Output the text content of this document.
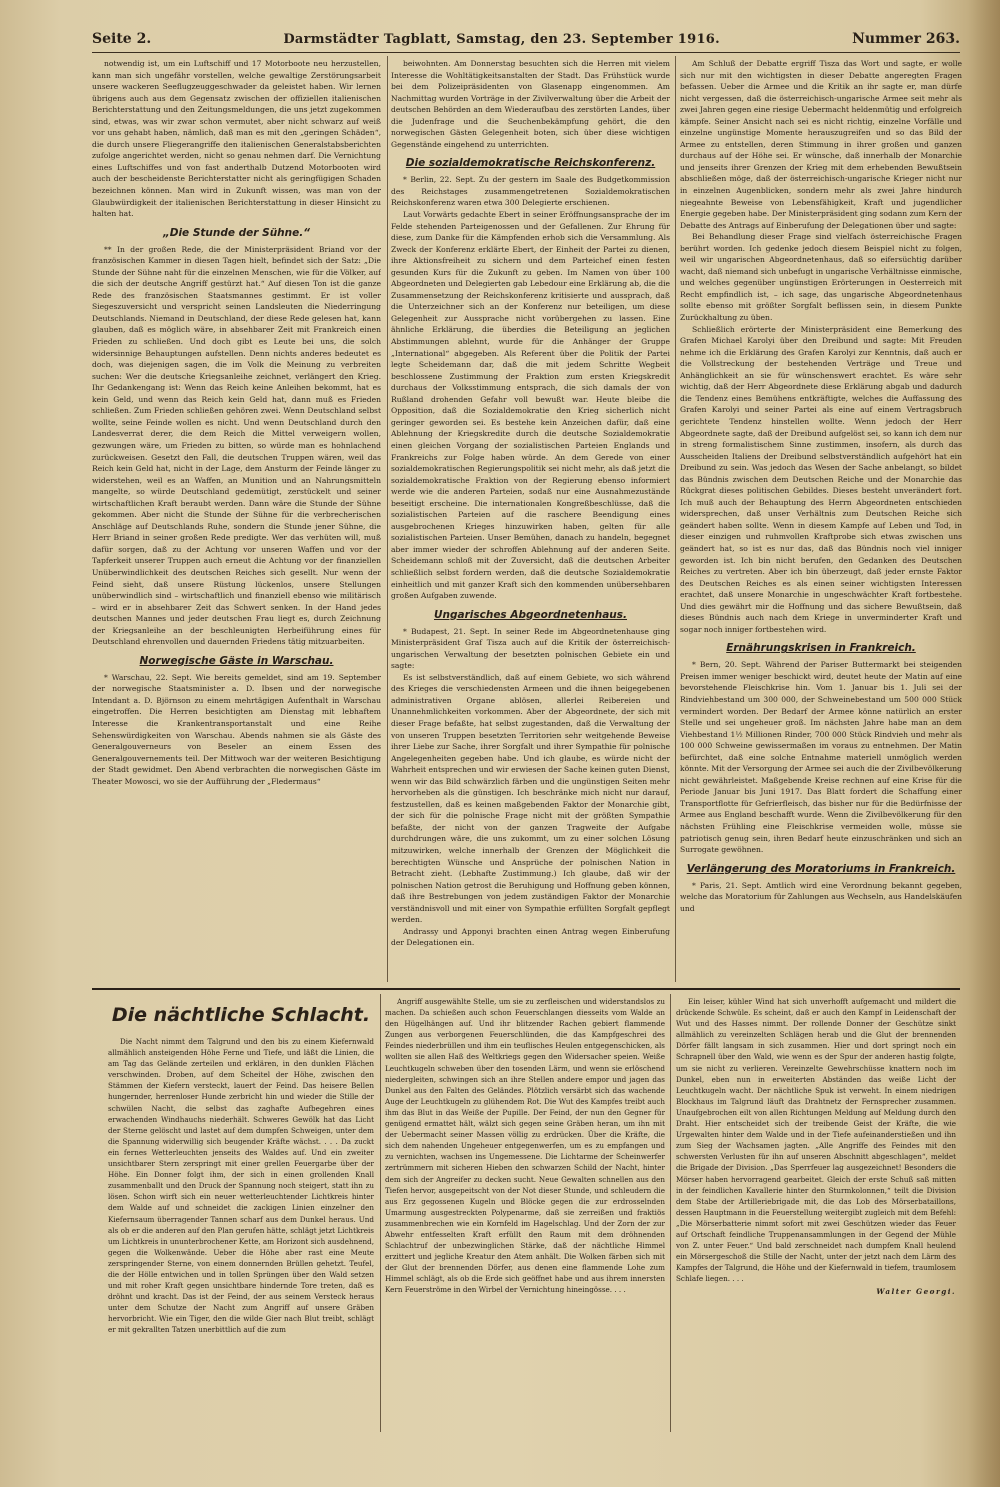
Seite 2.	Darmstädter Tagblatt, Samstag, den 23. September 1916.	Nummer 263.

notwendig ist, um ein Luftschiff und 17 Motorboote neu herzustellen, kann man sich ungefähr vorstellen, welche gewaltige Zerstörungsarbeit unsere wackeren Seeflugzeuggeschwader da geleistet haben. Wir lernen übrigens auch aus dem Gegensatz zwischen der offiziellen italienischen Berichterstattung und den Zeitungsmeldungen, die uns jetzt zugekommen sind, etwas, was wir zwar schon vermutet, aber nicht schwarz auf weiß vor uns gehabt haben, nämlich, daß man es mit den „geringen Schäden“, die durch unsere Fliegerangriffe den italienischen Generalstabsberichten zufolge angerichtet werden, nicht so genau nehmen darf. Die Vernichtung eines Luftschiffes und von fast anderthalb Dutzend Motorbooten wird auch der bescheidenste Berichterstatter nicht als geringfügigen Schaden bezeichnen können. Man wird in Zukunft wissen, was man von der Glaubwürdigkeit der italienischen Berichterstattung in dieser Hinsicht zu halten hat.

„Die Stunde der Sühne.“

** In der großen Rede, die der Ministerpräsident Briand vor der französischen Kammer in diesen Tagen hielt, befindet sich der Satz: „Die Stunde der Sühne naht für die einzelnen Menschen, wie für die Völker, auf die sich der deutsche Angriff gestürzt hat.“ Auf diesen Ton ist die ganze Rede des französischen Staatsmannes gestimmt. Er ist voller Siegeszuversicht und verspricht seinen Landsleuten die Niederringung Deutschlands. Niemand in Deutschland, der diese Rede gelesen hat, kann glauben, daß es möglich wäre, in absehbarer Zeit mit Frankreich einen Frieden zu schließen. Und doch gibt es Leute bei uns, die solch widersinnige Behauptungen aufstellen. Denn nichts anderes bedeutet es doch, was diejenigen sagen, die im Volk die Meinung zu verbreiten suchen: Wer die deutsche Kriegsanleihe zeichnet, verlängert den Krieg. Ihr Gedankengang ist: Wenn das Reich keine Anleihen bekommt, hat es kein Geld, und wenn das Reich kein Geld hat, dann muß es Frieden schließen. Zum Frieden schließen gehören zwei. Wenn Deutschland selbst wollte, seine Feinde wollen es nicht. Und wenn Deutschland durch den Landesverrat derer, die dem Reich die Mittel verweigern wollen, gezwungen wäre, um Frieden zu bitten, so würde man es hohnlachend zurückweisen. Gesetzt den Fall, die deutschen Truppen wären, weil das Reich kein Geld hat, nicht in der Lage, dem Ansturm der Feinde länger zu widerstehen, weil es an Waffen, an Munition und an Nahrungsmitteln mangelte, so würde Deutschland gedemütigt, zerstückelt und seiner wirtschaftlichen Kraft beraubt werden. Dann wäre die Stunde der Sühne gekommen. Aber nicht die Stunde der Sühne für die verbrecherischen Anschläge auf Deutschlands Ruhe, sondern die Stunde jener Sühne, die Herr Briand in seiner großen Rede predigte. Wer das verhüten will, muß dafür sorgen, daß zu der Achtung vor unseren Waffen und vor der Tapferkeit unserer Truppen auch erneut die Achtung vor der finanziellen Unüberwindlichkeit des deutschen Reiches sich gesellt. Nur wenn der Feind sieht, daß unsere Rüstung lückenlos, unsere Stellungen unüberwindlich sind – wirtschaftlich und finanziell ebenso wie militärisch – wird er in absehbarer Zeit das Schwert senken. In der Hand jedes deutschen Mannes und jeder deutschen Frau liegt es, durch Zeichnung der Kriegsanleihe an der beschleunigten Herbeiführung eines für Deutschland ehrenvollen und dauernden Friedens tätig mitzuarbeiten.

Norwegische Gäste in Warschau.

* Warschau, 22. Sept. Wie bereits gemeldet, sind am 19. September der norwegische Staatsminister a. D. Ibsen und der norwegische Intendant a. D. Björnson zu einem mehrtägigen Aufenthalt in Warschau eingetroffen. Die Herren besichtigten am Dienstag mit lebhaftem Interesse die Krankentransportanstalt und eine Reihe Sehenswürdigkeiten von Warschau. Abends nahmen sie als Gäste des Generalgouverneurs von Beseler an einem Essen des Generalgouvernements teil. Der Mittwoch war der weiteren Besichtigung der Stadt gewidmet. Den Abend verbrachten die norwegischen Gäste im Theater Mowosci, wo sie der Aufführung der „Fledermaus“

beiwohnten. Am Donnerstag besuchten sich die Herren mit vielem Interesse die Wohltätigkeitsanstalten der Stadt. Das Frühstück wurde bei dem Polizeipräsidenten von Glasenapp eingenommen. Am Nachmittag wurden Vorträge in der Zivilverwaltung über die Arbeit der deutschen Behörden an dem Wiederaufbau des zerstörten Landes, über die Judenfrage und die Seuchenbekämpfung gehört, die den norwegischen Gästen Gelegenheit boten, sich über diese wichtigen Gegenstände eingehend zu unterrichten.

Die sozialdemokratische Reichskonferenz.

* Berlin, 22. Sept. Zu der gestern im Saale des Budgetkommission des Reichstages zusammengetretenen Sozialdemokratischen Reichskonferenz waren etwa 300 Delegierte erschienen.

Laut Vorwärts gedachte Ebert in seiner Eröffnungsansprache der im Felde stehenden Parteigenossen und der Gefallenen. Zur Ehrung für diese, zum Danke für die Kämpfenden erhob sich die Versammlung. Als Zweck der Konferenz erklärte Ebert, der Einheit der Partei zu dienen, ihre Aktionsfreiheit zu sichern und dem Parteichef einen festen gesunden Kurs für die Zukunft zu geben. Im Namen von über 100 Abgeordneten und Delegierten gab Lebedour eine Erklärung ab, die die Zusammensetzung der Reichskonferenz kritisierte und aussprach, daß die Unterzeichner sich an der Konferenz nur beteiligen, um diese Gelegenheit zur Aussprache nicht vorübergehen zu lassen. Eine ähnliche Erklärung, die überdies die Beteiligung an jeglichen Abstimmungen ablehnt, wurde für die Anhänger der Gruppe „International“ abgegeben. Als Referent über die Politik der Partei legte Scheidemann dar, daß die mit jedem Schritte Wegbeit beschlossene Zustimmung der Fraktion zum ersten Kriegskredit durchaus der Volksstimmung entsprach, die sich damals der von Rußland drohenden Gefahr voll bewußt war. Heute bleibe die Opposition, daß die Sozialdemokratie den Krieg sicherlich nicht geringer geworden sei. Es bestehe kein Anzeichen dafür, daß eine Ablehnung der Kriegskredite durch die deutsche Sozialdemokratie einen gleichen Vorgang der sozialistischen Parteien Englands und Frankreichs zur Folge haben würde. An dem Gerede von einer sozialdemokratischen Regierungspolitik sei nicht mehr, als daß jetzt die sozialdemokratische Fraktion von der Regierung ebenso informiert werde wie die anderen Parteien, sodaß nur eine Ausnahmezustände beseitigt erscheine. Die internationalen Kongreßbeschlüsse, daß die sozialistischen Parteien auf die raschere Beendigung eines ausgebrochenen Krieges hinzuwirken haben, gelten für alle sozialistischen Parteien. Unser Bemühen, danach zu handeln, begegnet aber immer wieder der schroffen Ablehnung auf der anderen Seite. Scheidemann schloß mit der Zuversicht, daß die deutschen Arbeiter schließlich selbst fordern werden, daß die deutsche Sozialdemokratie einheitlich und mit ganzer Kraft sich den kommenden unübersehbaren großen Aufgaben zuwende.

Ungarisches Abgeordnetenhaus.

* Budapest, 21. Sept. In seiner Rede im Abgeordnetenhause ging Ministerpräsident Graf Tisza auch auf die Kritik der österreichisch-ungarischen Verwaltung der besetzten polnischen Gebiete ein und sagte:

Es ist selbstverständlich, daß auf einem Gebiete, wo sich während des Krieges die verschiedensten Armeen und die ihnen beigegebenen administrativen Organe ablösen, allerlei Reibereien und Unannehmlichkeiten vorkommen. Aber der Abgeordnete, der sich mit dieser Frage befaßte, hat selbst zugestanden, daß die Verwaltung der von unseren Truppen besetzten Territorien sehr weitgehende Beweise ihrer Liebe zur Sache, ihrer Sorgfalt und ihrer Sympathie für polnische Angelegenheiten gegeben habe. Und ich glaube, es würde nicht der Wahrheit entsprechen und wir erwiesen der Sache keinen guten Dienst, wenn wir das Bild schwärzlich färben und die ungünstigen Seiten mehr hervorheben als die günstigen. Ich beschränke mich nicht nur darauf, festzustellen, daß es keinen maßgebenden Faktor der Monarchie gibt, der sich für die polnische Frage nicht mit der größten Sympathie befaßte, der nicht von der ganzen Tragweite der Aufgabe durchdrungen wäre, die uns zukommt, um zu einer solchen Lösung mitzuwirken, welche innerhalb der Grenzen der Möglichkeit die berechtigten Wünsche und Ansprüche der polnischen Nation in Betracht zieht. (Lebhafte Zustimmung.) Ich glaube, daß wir der polnischen Nation getrost die Beruhigung und Hoffnung geben können, daß ihre Bestrebungen von jedem zuständigen Faktor der Monarchie verständnisvoll und mit einer von Sympathie erfüllten Sorgfalt gepflegt werden.

Andrassy und Apponyi brachten einen Antrag wegen Einberufung der Delegationen ein.

Am Schluß der Debatte ergriff Tisza das Wort und sagte, er wolle sich nur mit den wichtigsten in dieser Debatte angeregten Fragen befassen. Ueber die Armee und die Kritik an ihr sagte er, man dürfe nicht vergessen, daß die österreichisch-ungarische Armee seit mehr als zwei Jahren gegen eine riesige Uebermacht heldenmütig und erfolgreich kämpfe. Seiner Ansicht nach sei es nicht richtig, einzelne Vorfälle und einzelne ungünstige Momente herauszugreifen und so das Bild der Armee zu entstellen, deren Stimmung in ihrer großen und ganzen durchaus auf der Höhe sei. Er wünsche, daß innerhalb der Monarchie und jenseits ihrer Grenzen der Krieg mit dem erhebenden Bewußtsein abschließen möge, daß der österreichisch-ungarische Krieger nicht nur in einzelnen Augenblicken, sondern mehr als zwei Jahre hindurch niegeahnte Beweise von Lebensfähigkeit, Kraft und jugendlicher Energie gegeben habe. Der Ministerpräsident ging sodann zum Kern der Debatte des Antrags auf Einberufung der Delegationen über und sagte:

Bei Behandlung dieser Frage sind vielfach österreichische Fragen berührt worden. Ich gedenke jedoch diesem Beispiel nicht zu folgen, weil wir ungarischen Abgeordnetenhaus, daß so eifersüchtig darüber wacht, daß niemand sich unbefugt in ungarische Verhältnisse einmische, und welches gegenüber ungünstigen Erörterungen in Oesterreich mit Recht empfindlich ist, – ich sage, das ungarische Abgeordnetenhaus sollte ebenso mit größter Sorgfalt beflissen sein, in diesem Punkte Zurückhaltung zu üben.

Schließlich erörterte der Ministerpräsident eine Bemerkung des Grafen Michael Karolyi über den Dreibund und sagte: Mit Freuden nehme ich die Erklärung des Grafen Karolyi zur Kenntnis, daß auch er die Vollstreckung der bestehenden Verträge und Treue und Anhänglichkeit an sie für wünschenswert erachtet. Es wäre sehr wichtig, daß der Herr Abgeordnete diese Erklärung abgab und dadurch die Tendenz eines Bemühens entkräftigte, welches die Auffassung des Grafen Karolyi und seiner Partei als eine auf einem Vertragsbruch gerichtete Tendenz hinstellen wollte. Wenn jedoch der Herr Abgeordnete sagte, daß der Dreibund aufgelöst sei, so kann ich dem nur in streng formalistischem Sinne zustimmen, insofern, als durch das Ausscheiden Italiens der Dreibund selbstverständlich aufgehört hat ein Dreibund zu sein. Was jedoch das Wesen der Sache anbelangt, so bildet das Bündnis zwischen dem Deutschen Reiche und der Monarchie das Rückgrat dieses politischen Gebildes. Dieses besteht unverändert fort. Ich muß auch der Behauptung des Herrn Abgeordneten entschieden widersprechen, daß unser Verhältnis zum Deutschen Reiche sich geändert haben sollte. Wenn in diesem Kampfe auf Leben und Tod, in dieser einzigen und ruhmvollen Kraftprobe sich etwas zwischen uns geändert hat, so ist es nur das, daß das Bündnis noch viel inniger geworden ist. Ich bin nicht berufen, den Gedanken des Deutschen Reiches zu vertreten. Aber ich bin überzeugt, daß jeder ernste Faktor des Deutschen Reiches es als einen seiner wichtigsten Interessen erachtet, daß unsere Monarchie in ungeschwächter Kraft fortbestehe. Und dies gewährt mir die Hoffnung und das sichere Bewußtsein, daß dieses Bündnis auch nach dem Kriege in unverminderter Kraft und sogar noch inniger fortbestehen wird.

Ernährungskrisen in Frankreich.

* Bern, 20. Sept. Während der Pariser Buttermarkt bei steigenden Preisen immer weniger beschickt wird, deutet heute der Matin auf eine bevorstehende Fleischkrise hin. Vom 1. Januar bis 1. Juli sei der Rindviehbestand um 300 000, der Schweinebestand um 500 000 Stück vermindert worden. Der Bedarf der Armee könne natürlich an erster Stelle und sei ungeheuer groß. Im nächsten Jahre habe man an dem Viehbestand 1½ Millionen Rinder, 700 000 Stück Rindvieh und mehr als 100 000 Schweine gewissermaßen im voraus zu entnehmen. Der Matin befürchtet, daß eine solche Entnahme materiell unmöglich werden könnte. Mit der Versorgung der Armee sei auch die der Zivilbevölkerung nicht gewährleistet. Maßgebende Kreise rechnen auf eine Krise für die Periode Januar bis Juni 1917. Das Blatt fordert die Schaffung einer Transportflotte für Gefrierfleisch, das bisher nur für die Bedürfnisse der Armee aus England beschafft wurde. Wenn die Zivilbevölkerung für den nächsten Frühling eine Fleischkrise vermeiden wolle, müsse sie patriotisch genug sein, ihren Bedarf heute einzuschränken und sich an Surrogate gewöhnen.

Verlängerung des Moratoriums in Frankreich.

* Paris, 21. Sept. Amtlich wird eine Verordnung bekannt gegeben, welche das Moratorium für Zahlungen aus Wechseln, aus Handelskäufen und

Die nächtliche Schlacht.

Die Nacht nimmt dem Talgrund und den bis zu einem Kiefernwald allmählich ansteigenden Höhe Ferne und Tiefe, und läßt die Linien, die am Tag das Gelände zerteilen und erklären, in den dunklen Flächen verschwinden. Droben, auf dem Scheitel der Höhe, zwischen den Stämmen der Kiefern versteckt, lauert der Feind. Das heisere Bellen hungernder, herrenloser Hunde zerbricht hin und wieder die Stille der schwülen Nacht, die selbst das zaghafte Aufbegehren eines erwachenden Windhauchs niederhält. Schweres Gewölk hat das Licht der Sterne gelöscht und lastet auf dem dumpfen Schweigen, unter dem die Spannung widerwillig sich beugender Kräfte wächst. . . . Da zuckt ein fernes Wetterleuchten jenseits des Waldes auf. Und ein zweiter unsichtbarer Stern zerspringt mit einer grellen Feuergarbe über der Höhe. Ein Donner folgt ihm, der sich in einen grollenden Knall zusammenballt und den Druck der Spannung noch steigert, statt ihn zu lösen. Schon wirft sich ein neuer wetterleuchtender Lichtkreis hinter dem Walde auf und schneidet die zackigen Linien einzelner den Kiefernsaum überragender Tannen scharf aus dem Dunkel heraus. Und als ob er die anderen auf den Plan gerufen hätte, schlägt jetzt Lichtkreis um Lichtkreis in ununterbrochener Kette, am Horizont sich ausdehnend, gegen die Wolkenwände. Ueber die Höhe aber rast eine Meute zerspringender Sterne, von einem donnernden Brüllen gehetzt. Teufel, die der Hölle entwichen und in tollen Sprüngen über den Wald setzen und mit roher Kraft gegen unsichtbare hindernde Tore treten, daß es dröhnt und kracht. Das ist der Feind, der aus seinem Versteck heraus unter dem Schutze der Nacht zum Angriff auf unsere Gräben hervorbricht. Wie ein Tiger, den die wilde Gier nach Blut treibt, schlägt er mit gekrallten Tatzen unerbittlich auf die zum

Angriff ausgewählte Stelle, um sie zu zerfleischen und widerstandslos zu machen. Da schießen auch schon Feuerschlangen diesseits vom Walde an den Hügelhängen auf. Und ihr blitzender Rachen gebiert flammende Zungen aus verborgenen Feuerschlünden, die das Kampfgeschrei des Feindes niederbrüllen und ihm ein teuflisches Heulen entgegenschicken, als wollten sie allen Haß des Weltkriegs gegen den Widersacher speien. Weiße Leuchtkugeln schweben über den tosenden Lärm, und wenn sie erlöschend niedergleiten, schwingen sich an ihre Stellen andere empor und jagen das Dunkel aus den Falten des Geländes. Plötzlich versärbt sich das wachende Auge der Leuchtkugeln zu glühendem Rot. Die Wut des Kampfes treibt auch ihm das Blut in das Weiße der Pupille. Der Feind, der nun den Gegner für genügend ermattet hält, wälzt sich gegen seine Gräben heran, um ihn mit der Uebermacht seiner Massen völlig zu erdrücken. Über die Kräfte, die sich dem nahenden Ungeheuer entgegenwerfen, um es zu empfangen und zu vernichten, wachsen ins Ungemessene. Die Lichtarme der Scheinwerfer zertrümmern mit sicheren Hieben den schwarzen Schild der Nacht, hinter dem sich der Angreifer zu decken sucht. Neue Gewalten schnellen aus den Tiefen hervor, ausgepeitscht von der Not dieser Stunde, und schleudern die aus Erz gegossenen Kugeln und Blöcke gegen die zur erdrosselnden Umarmung ausgestreckten Polypenarme, daß sie zerreißen und fraktiös zusammenbrechen wie ein Kornfeld im Hagelschlag. Und der Zorn der zur Abwehr entfesselten Kraft erfüllt den Raum mit dem dröhnenden Schlachtruf der unbezwinglichen Stärke, daß der nächtliche Himmel erzittert und jegliche Kreatur den Atem anhält. Die Wolken färben sich mit der Glut der brennenden Dörfer, aus denen eine flammende Lohe zum Himmel schlägt, als ob die Erde sich geöffnet habe und aus ihrem innersten Kern Feuerströme in den Wirbel der Vernichtung hineingösse. . . .

Ein leiser, kühler Wind hat sich unverhofft aufgemacht und mildert die drückende Schwüle. Es scheint, daß er auch den Kampf in Leidenschaft der Wut und des Hasses nimmt. Der rollende Donner der Geschütze sinkt allmählich zu vereinzelten Schlägen herab und die Glut der brennenden Dörfer fällt langsam in sich zusammen. Hier und dort springt noch ein Schrapnell über den Wald, wie wenn es der Spur der anderen hastig folgte, um sie nicht zu verlieren. Vereinzelte Gewehrschüsse knattern noch im Dunkel, eben nun in erweiterten Abständen das weiße Licht der Leuchtkugeln wacht. Der nächtliche Spuk ist verweht. In einem niedrigen Blockhaus im Talgrund läuft das Drahtnetz der Fernsprecher zusammen. Unaufgebrochen eilt von allen Richtungen Meldung auf Meldung durch den Draht. Hier entscheidet sich der treibende Geist der Kräfte, die wie Urgewalten hinter dem Walde und in der Tiefe aufeinanderstießen und ihn zum Sieg der Wachsamen jagten. „Alle Angriffe des Feindes mit den schwersten Verlusten für ihn auf unseren Abschnitt abgeschlagen“, meldet die Brigade der Division. „Das Sperrfeuer lag ausgezeichnet! Besonders die Mörser haben hervorragend gearbeitet. Gleich der erste Schuß saß mitten in der feindlichen Kavallerie hinter den Sturmkolonnen,“ teilt die Division dem Stabe der Artilleriebrigade mit, die das Lob des Mörserbataillons, dessen Hauptmann in die Feuerstellung weitergibt zugleich mit dem Befehl: „Die Mörserbatterie nimmt sofort mit zwei Geschützen wieder das Feuer auf Ortschaft feindliche Truppenansammlungen in der Gegend der Mühle von Z. unter Feuer.“ Und bald zerschneidet nach dumpfem Knall heulend ein Mörsergeschoß die Stille der Nacht, unter der jetzt nach dem Lärm des Kampfes der Talgrund, die Höhe und der Kiefernwald in tiefem, traumlosem Schlafe liegen. . . .

Walter Georgi.
